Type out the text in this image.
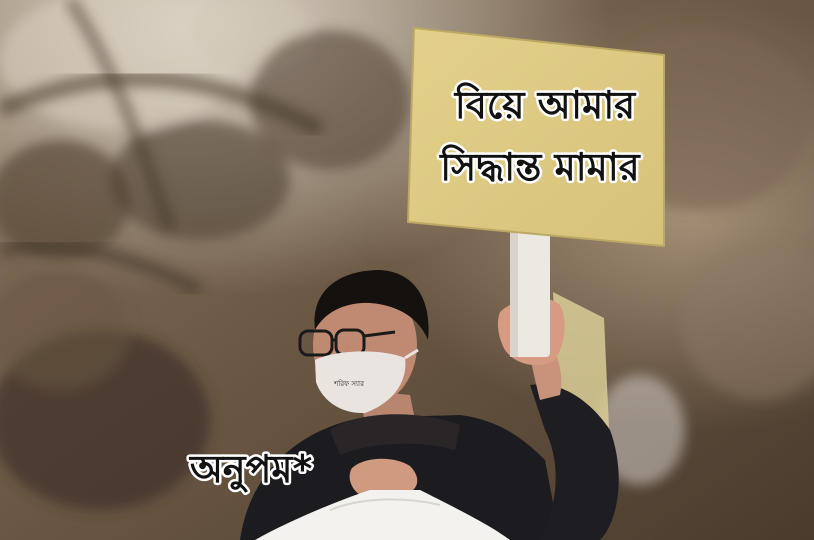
শরিফ স্যার
বিয়ে আমার
সিদ্ধান্ত মামার
অনুপম*
